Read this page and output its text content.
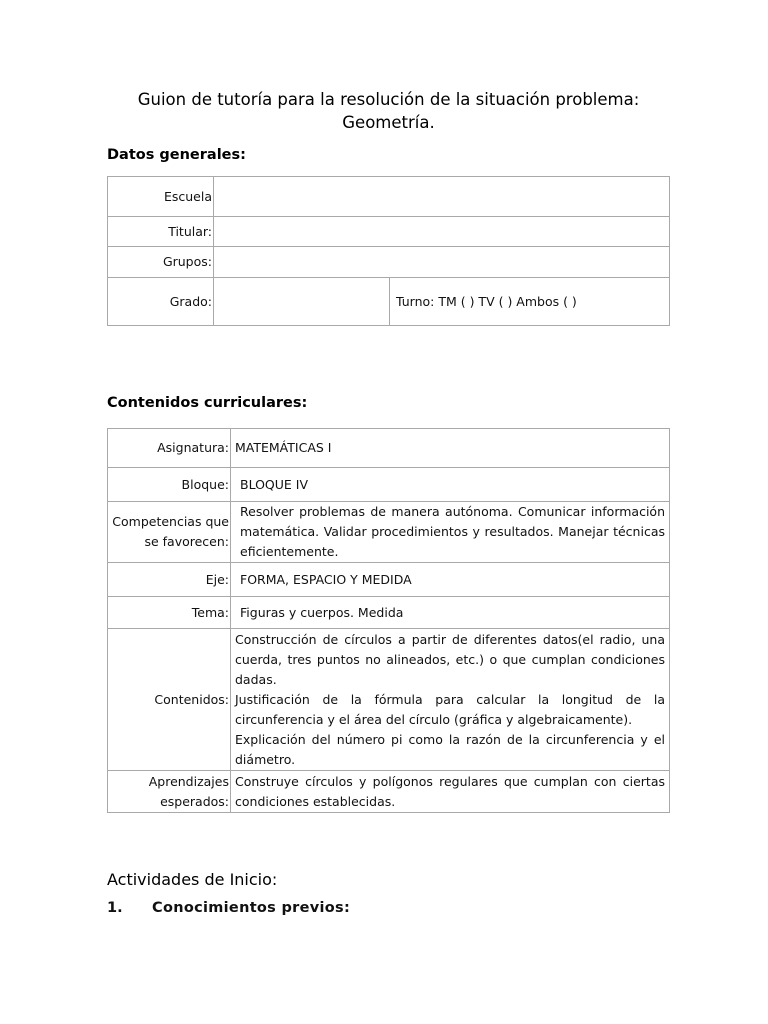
Guion de tutoría para la resolución de la situación problema:
Geometría.
Datos generales:
Escuela		
Titular:		
Grupos:		
Grado:		Turno: TM ( ) TV ( ) Ambos ( )
Contenidos curriculares:
Asignatura:	MATEMÁTICAS I
Bloque:	BLOQUE IV
Competencias que se favorecen:	Resolver problemas de manera autónoma. Comunicar información matemática. Validar procedimientos y resultados. Manejar técnicas eficientemente.
Eje:	FORMA, ESPACIO Y MEDIDA
Tema:	Figuras y cuerpos. Medida
Contenidos:	Construcción de círculos a partir de diferentes datos(el radio, una cuerda, tres puntos no alineados, etc.) o que cumplan condiciones dadas.
Justificación de la fórmula para calcular la longitud de la circunferencia y el área del círculo (gráfica y algebraicamente).
Explicación del número pi como la razón de la circunferencia y el diámetro.

Aprendizajes esperados:	Construye círculos y polígonos regulares que cumplan con ciertas condiciones establecidas.
Actividades de Inicio:
1. Conocimientos previos:
